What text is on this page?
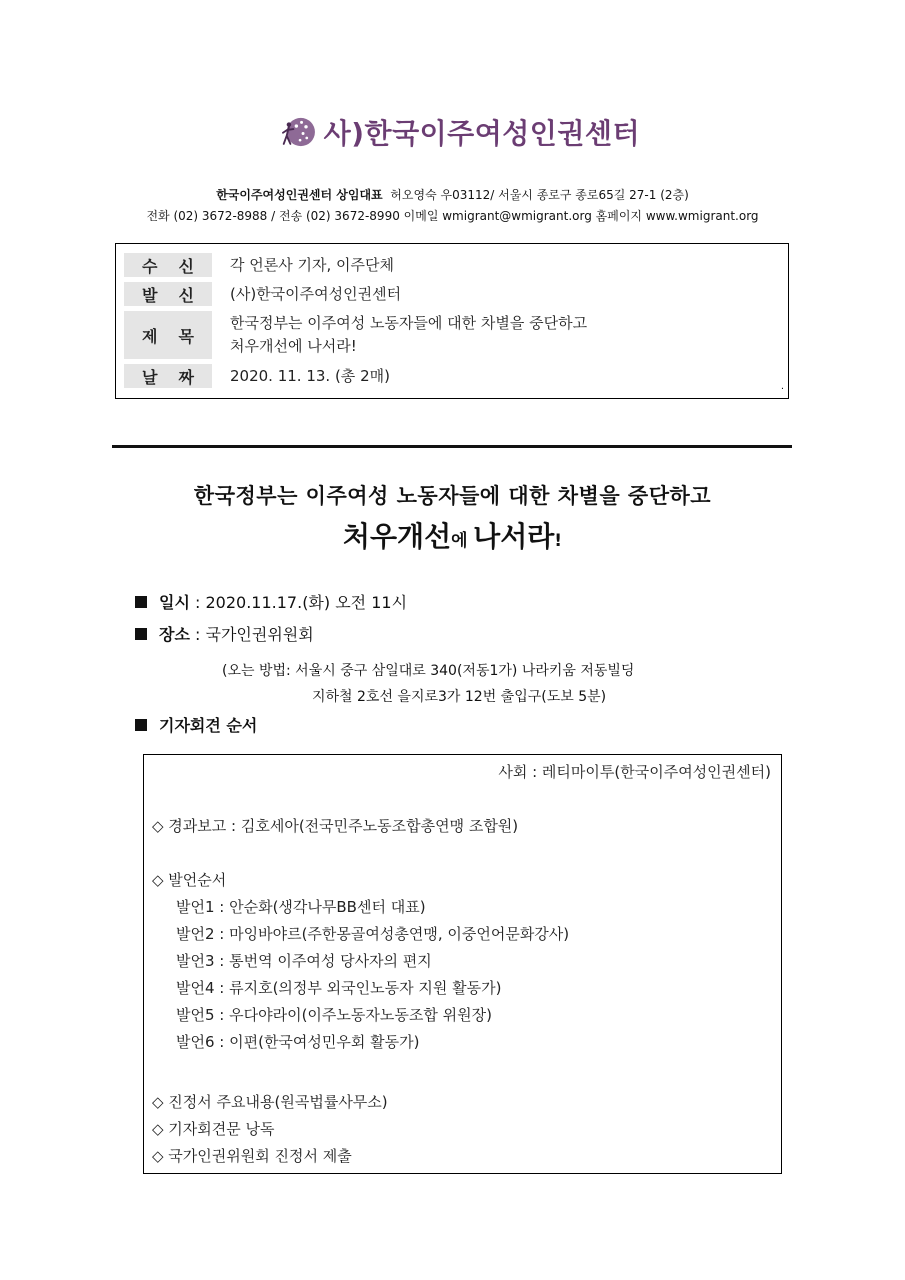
사)한국이주여성인권센터
한국이주여성인권센터 상임대표 허오영숙 우03112/ 서울시 종로구 종로65길 27-1 (2층)
전화 (02) 3672-8988 / 전송 (02) 3672-8990 이메일 wmigrant@wmigrant.org 홈페이지 www.wmigrant.org
수 신 각 언론사 기자, 이주단체
발 신 (사)한국이주여성인권센터
제 목
한국정부는 이주여성 노동자들에 대한 차별을 중단하고
처우개선에 나서라!
날 짜 2020. 11. 13. (총 2매)
.
한국정부는 이주여성 노동자들에 대한 차별을 중단하고
처우개선에 나서라!
일시
: 2020.11.17.(화) 오전 11시
장소
: 국가인권위원회
(오는 방법: 서울시 중구 삼일대로 340(저동1가) 나라키움 저동빌딩
지하철 2호선 을지로3가 12번 출입구(도보 5분)
기자회견 순서
사회 : 레티마이투(한국이주여성인권센터)
◇ 경과보고 : 김호세아(전국민주노동조합총연맹 조합원)
◇ 발언순서
발언1 : 안순화(생각나무BB센터 대표)
발언2 : 마잉바야르(주한몽골여성총연맹, 이중언어문화강사)
발언3 : 통번역 이주여성 당사자의 편지
발언4 : 류지호(의정부 외국인노동자 지원 활동가)
발언5 : 우다야라이(이주노동자노동조합 위원장)
발언6 : 이편(한국여성민우회 활동가)
◇ 진정서 주요내용(원곡법률사무소)
◇ 기자회견문 낭독
◇ 국가인권위원회 진정서 제출
